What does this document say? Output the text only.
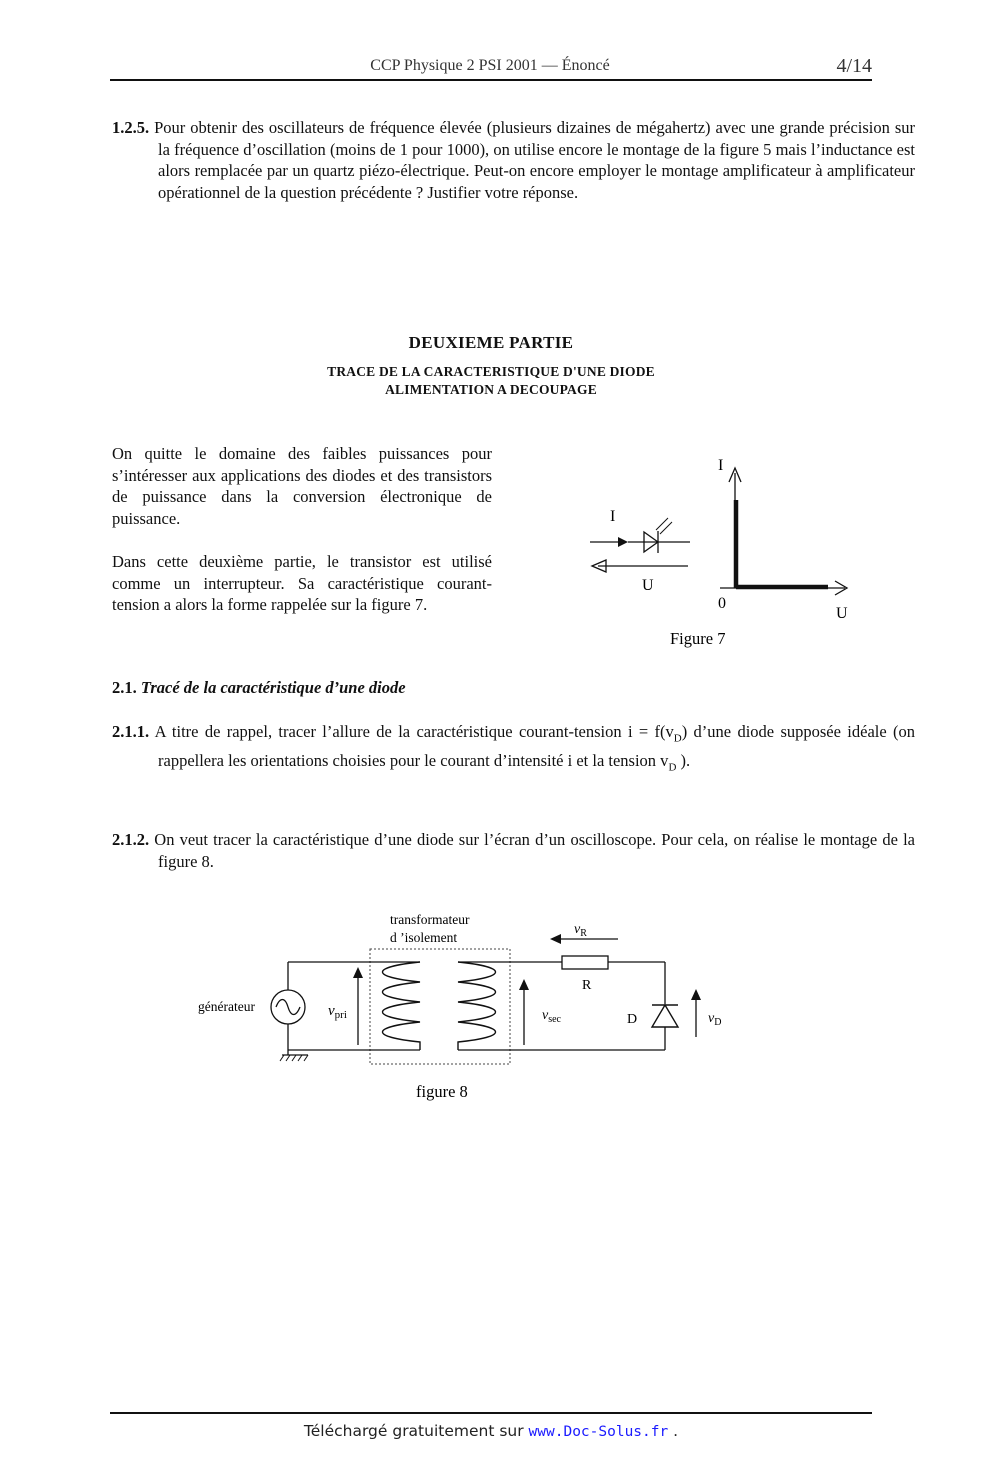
CCP Physique 2 PSI 2001 — Énoncé	4/14
1.2.5. Pour obtenir des oscillateurs de fréquence élevée (plusieurs dizaines de mégahertz) avec une grande précision sur la fréquence d’oscillation (moins de 1 pour 1000), on utilise encore le montage de la figure 5 mais l’inductance est alors remplacée par un quartz piézo-électrique. Peut-on encore employer le montage amplificateur à amplificateur opérationnel de la question précédente ? Justifier votre réponse.
DEUXIEME PARTIE
TRACE DE LA CARACTERISTIQUE D'UNE DIODE
ALIMENTATION A DECOUPAGE
On quitte le domaine des faibles puissances pour s’intéresser aux applications des diodes et des transistors de puissance dans la conversion électronique de puissance.
Dans cette deuxième partie, le transistor est utilisé comme un interrupteur. Sa caractéristique courant-tension a alors la forme rappelée sur la figure 7.
I
U
I
U
0
Figure 7
2.1. Tracé de la caractéristique d’une diode
2.1.1. A titre de rappel, tracer l’allure de la caractéristique courant-tension $i = f(v_D)$ d’une diode supposée idéale (on rappellera les orientations choisies pour le courant d’intensité i et la tension $v_D$ ).
2.1.2. On veut tracer la caractéristique d’une diode sur l’écran d’un oscilloscope. Pour cela, on réalise le montage de la figure 8.
transformateur
d ’isolement
générateur	$v_{pri}$
R
D
$v_{sec}$
$v_R$
$v_D$
figure 8
Téléchargé gratuitement sur www.Doc-Solus.fr .
